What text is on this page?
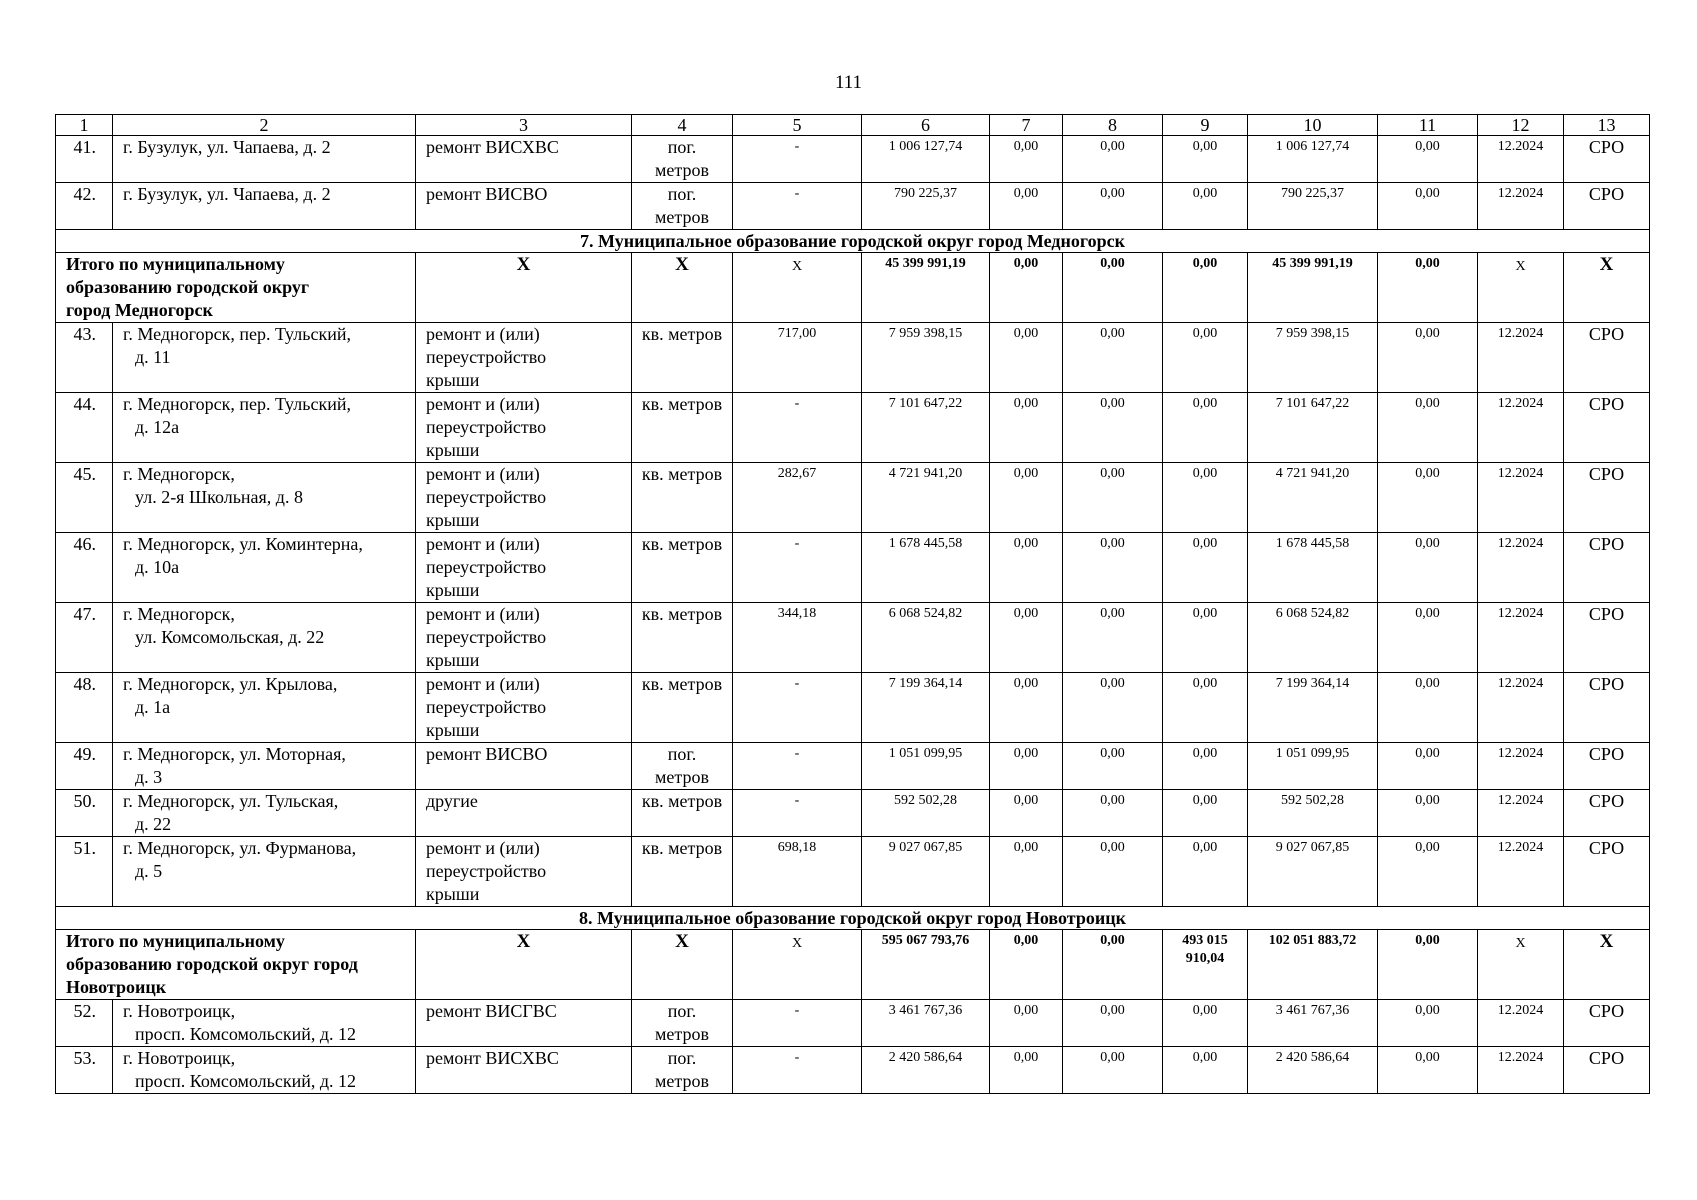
111
1	2	3	4	5	6	7	8	9	10	11	12	13
41.	г. Бузулук, ул. Чапаева, д. 2	ремонт ВИСХВС	пог.
метров	-	1 006 127,74	0,00	0,00	0,00	1 006 127,74	0,00	12.2024	СРО
42.	г. Бузулук, ул. Чапаева, д. 2	ремонт ВИСВО	пог.
метров	-	790 225,37	0,00	0,00	0,00	790 225,37	0,00	12.2024	СРО
7. Муниципальное образование городской округ город Медногорск												

Итого по муниципальному
образованию городской округ
город Медногорск		Х	Х	Х	45 399 991,19	0,00	0,00	0,00	45 399 991,19	0,00	Х	Х
43.	г. Медногорск, пер. Тульский,
д. 11	ремонт и (или)
переустройство
крыши	кв. метров	717,00	7 959 398,15	0,00	0,00	0,00	7 959 398,15	0,00	12.2024	СРО
44.	г. Медногорск, пер. Тульский,
д. 12а	ремонт и (или)
переустройство
крыши	кв. метров	-	7 101 647,22	0,00	0,00	0,00	7 101 647,22	0,00	12.2024	СРО
45.	г. Медногорск,
ул. 2-я Школьная, д. 8	ремонт и (или)
переустройство
крыши	кв. метров	282,67	4 721 941,20	0,00	0,00	0,00	4 721 941,20	0,00	12.2024	СРО
46.	г. Медногорск, ул. Коминтерна,
д. 10а	ремонт и (или)
переустройство
крыши	кв. метров	-	1 678 445,58	0,00	0,00	0,00	1 678 445,58	0,00	12.2024	СРО
47.	г. Медногорск,
ул. Комсомольская, д. 22	ремонт и (или)
переустройство
крыши	кв. метров	344,18	6 068 524,82	0,00	0,00	0,00	6 068 524,82	0,00	12.2024	СРО
48.	г. Медногорск, ул. Крылова,
д. 1а	ремонт и (или)
переустройство
крыши	кв. метров	-	7 199 364,14	0,00	0,00	0,00	7 199 364,14	0,00	12.2024	СРО
49.	г. Медногорск, ул. Моторная,
д. 3	ремонт ВИСВО	пог.
метров	-	1 051 099,95	0,00	0,00	0,00	1 051 099,95	0,00	12.2024	СРО
50.	г. Медногорск, ул. Тульская,
д. 22	другие	кв. метров	-	592 502,28	0,00	0,00	0,00	592 502,28	0,00	12.2024	СРО
51.	г. Медногорск, ул. Фурманова,
д. 5	ремонт и (или)
переустройство
крыши	кв. метров	698,18	9 027 067,85	0,00	0,00	0,00	9 027 067,85	0,00	12.2024	СРО
8. Муниципальное образование городской округ город Новотроицк												

Итого по муниципальному
образованию городской округ город
Новотроицк		Х	Х	Х	595 067 793,76	0,00	0,00	493 015
910,04	102 051 883,72	0,00	Х	Х
52.	г. Новотроицк,
просп. Комсомольский, д. 12	ремонт ВИСГВС	пог.
метров	-	3 461 767,36	0,00	0,00	0,00	3 461 767,36	0,00	12.2024	СРО
53.	г. Новотроицк,
просп. Комсомольский, д. 12	ремонт ВИСХВС	пог.
метров	-	2 420 586,64	0,00	0,00	0,00	2 420 586,64	0,00	12.2024	СРО
